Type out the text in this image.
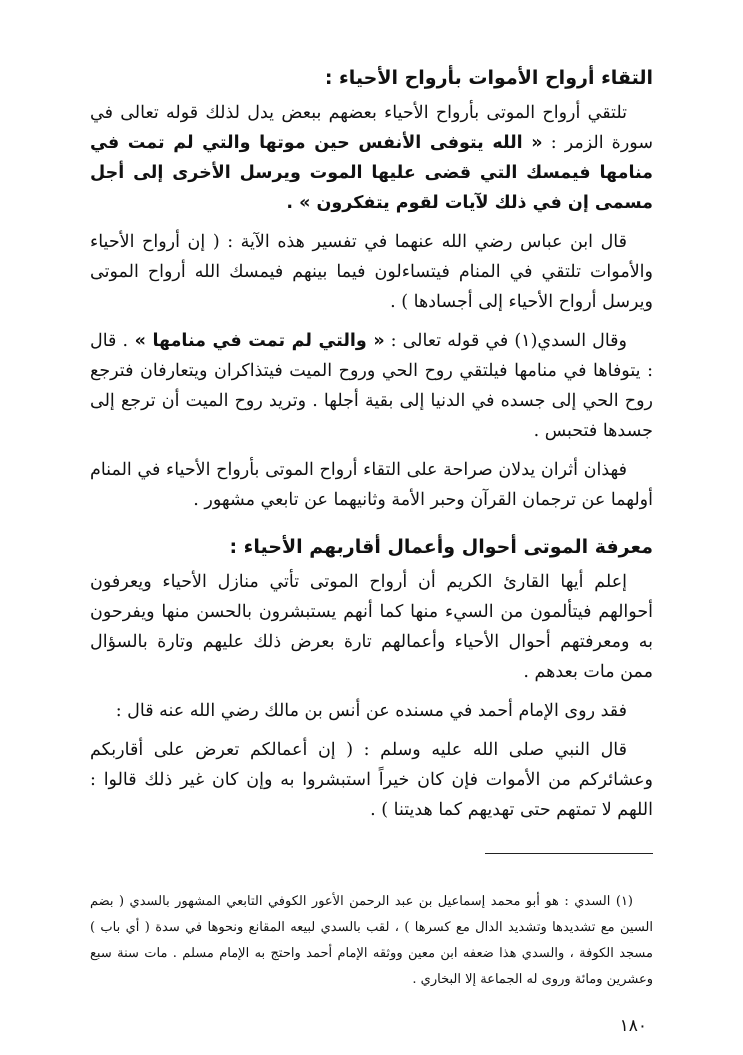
التقاء أرواح الأموات بأرواح الأحياء :

تلتقي أرواح الموتى بأرواح الأحياء بعضهم ببعض يدل لذلك قوله تعالى في سورة الزمر : « الله يتوفى الأنفس حين موتها والتي لم تمت في منامها فيمسك التي قضى عليها الموت ويرسل الأخرى إلى أجل مسمى إن في ذلك لآيات لقوم يتفكرون » .

قال ابن عباس رضي الله عنهما في تفسير هذه الآية : ( إن أرواح الأحياء والأموات تلتقي في المنام فيتساءلون فيما بينهم فيمسك الله أرواح الموتى ويرسل أرواح الأحياء إلى أجسادها ) .

وقال السدي(١) في قوله تعالى : « والتي لم تمت في منامها » . قال : يتوفاها في منامها فيلتقي روح الحي وروح الميت فيتذاكران ويتعارفان فترجع روح الحي إلى جسده في الدنيا إلى بقية أجلها . وتريد روح الميت أن ترجع إلى جسدها فتحبس .

فهذان أثران يدلان صراحة على التقاء أرواح الموتى بأرواح الأحياء في المنام أولهما عن ترجمان القرآن وحبر الأمة وثانيهما عن تابعي مشهور .

معرفة الموتى أحوال وأعمال أقاربهم الأحياء :

إعلم أيها القارئ الكريم أن أرواح الموتى تأتي منازل الأحياء ويعرفون أحوالهم فيتألمون من السيء منها كما أنهم يستبشرون بالحسن منها ويفرحون به ومعرفتهم أحوال الأحياء وأعمالهم تارة بعرض ذلك عليهم وتارة بالسؤال ممن مات بعدهم .

فقد روى الإمام أحمد في مسنده عن أنس بن مالك رضي الله عنه قال :

قال النبي صلى الله عليه وسلم : ( إن أعمالكم تعرض على أقاربكم وعشائركم من الأموات فإن كان خيراً استبشروا به وإن كان غير ذلك قالوا : اللهم لا تمتهم حتى تهديهم كما هديتنا ) .

(١) السدي : هو أبو محمد إسماعيل بن عبد الرحمن الأعور الكوفي التابعي المشهور بالسدي ( بضم السين مع تشديدها وتشديد الدال مع كسرها ) ، لقب بالسدي لبيعه المقانع ونحوها في سدة ( أي باب ) مسجد الكوفة ، والسدي هذا ضعفه ابن معين ووثقه الإمام أحمد واحتج به الإمام مسلم . مات سنة سبع وعشرين ومائة وروى له الجماعة إلا البخاري .

١٨٠
